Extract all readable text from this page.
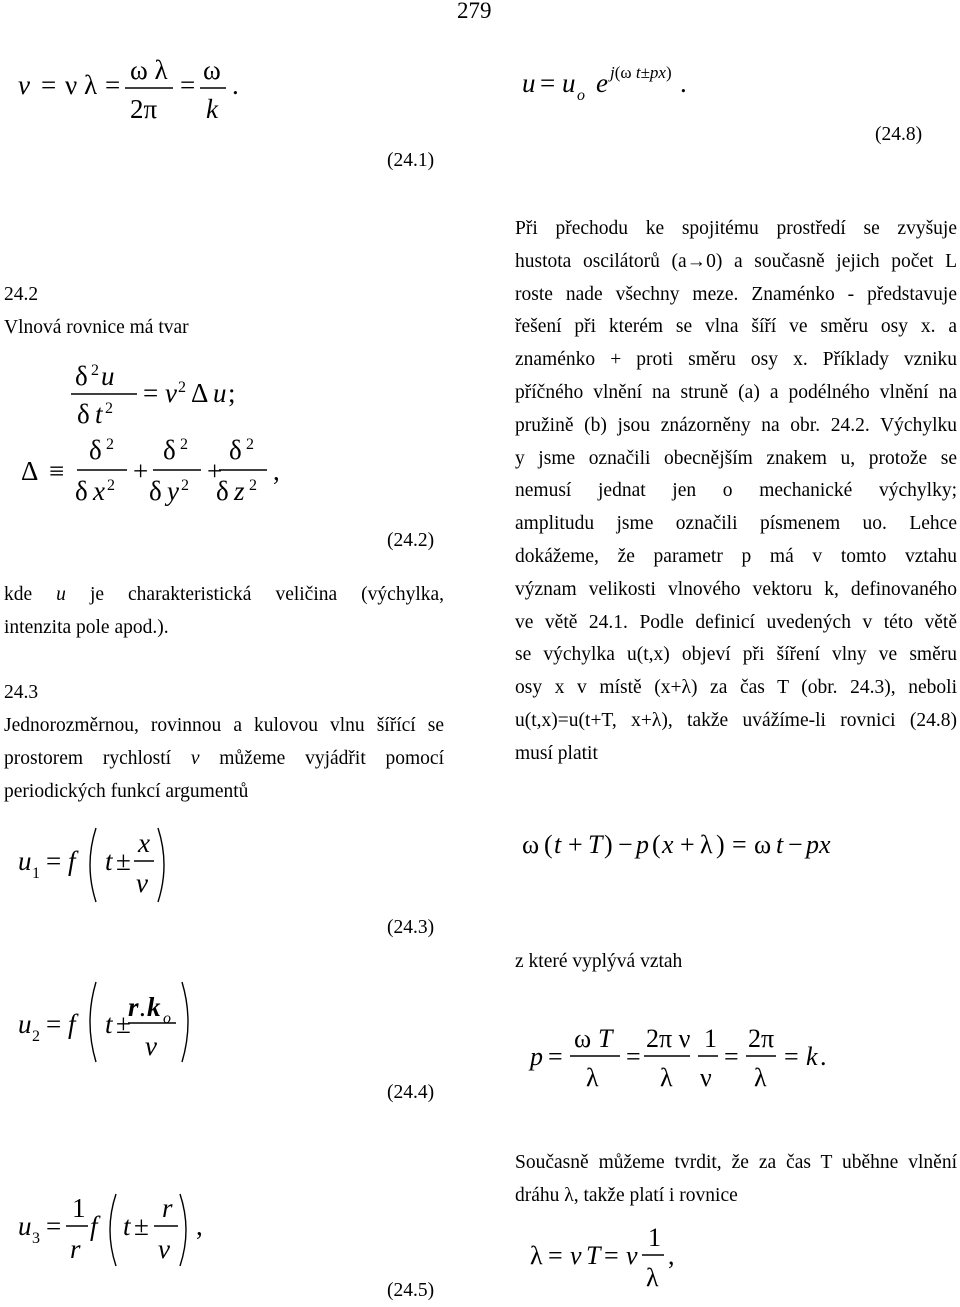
279
v = ν λ = ω λ
2π
= ω
k
.
(24.1)
24.2
Vlnová rovnice má tvar
δ 2 u
δ t 2
= v 2 Δ u ;
Δ ≡
δ 2
δ x 2 +
δ 2
δ y 2 +
δ 2
δ z 2 ,
(24.2)
kde u je charakteristická veličina (výchylka,
intenzita pole apod.).
24.3
Jednorozměrnou, rovinnou a kulovou vlnu šířící se
prostorem rychlostí v můžeme vyjádřit pomocí
periodických funkcí argumentů
u 1 = f t ±
x
v
(24.3)
u 2 = f t ±
r . k o
v
(24.4)
u 3 =
1
r
f t ±
r
v
,
(24.5)
u = u o e j(ω t±px) .
(24.8)
Při přechodu ke spojitému prostředí se zvyšuje
hustota oscilátorů (a→0) a současně jejich počet L
roste nade všechny meze. Znaménko - představuje
řešení při kterém se vlna šíří ve směru osy x. a
znaménko + proti směru osy x. Příklady vzniku
příčného vlnění na struně (a) a podélného vlnění na
pružině (b) jsou znázorněny na obr. 24.2. Výchylku
y jsme označili obecnějším znakem u, protože se
nemusí jednat jen o mechanické výchylky;
amplitudu jsme označili písmenem uo. Lehce
dokážeme, že parametr p má v tomto vztahu
význam velikosti vlnového vektoru k, definovaného
ve větě 24.1. Podle definicí uvedených v této větě
se výchylka u(t,x) objeví při šíření vlny ve směru
osy x v místě (x+λ) za čas T (obr. 24.3), neboli
u(t,x)=u(t+T, x+λ), takže uvážíme-li rovnici (24.8)
musí platit
ω ( t + T ) − p ( x + λ ) = ω t − px
z které vyplývá vztah
p =
ω T
λ
=
2π ν
λ
1
ν
=
2π
λ
= k .
Současně můžeme tvrdit, že za čas T uběhne vlnění
dráhu λ, takže platí i rovnice
λ = v T = v
1
λ
,
